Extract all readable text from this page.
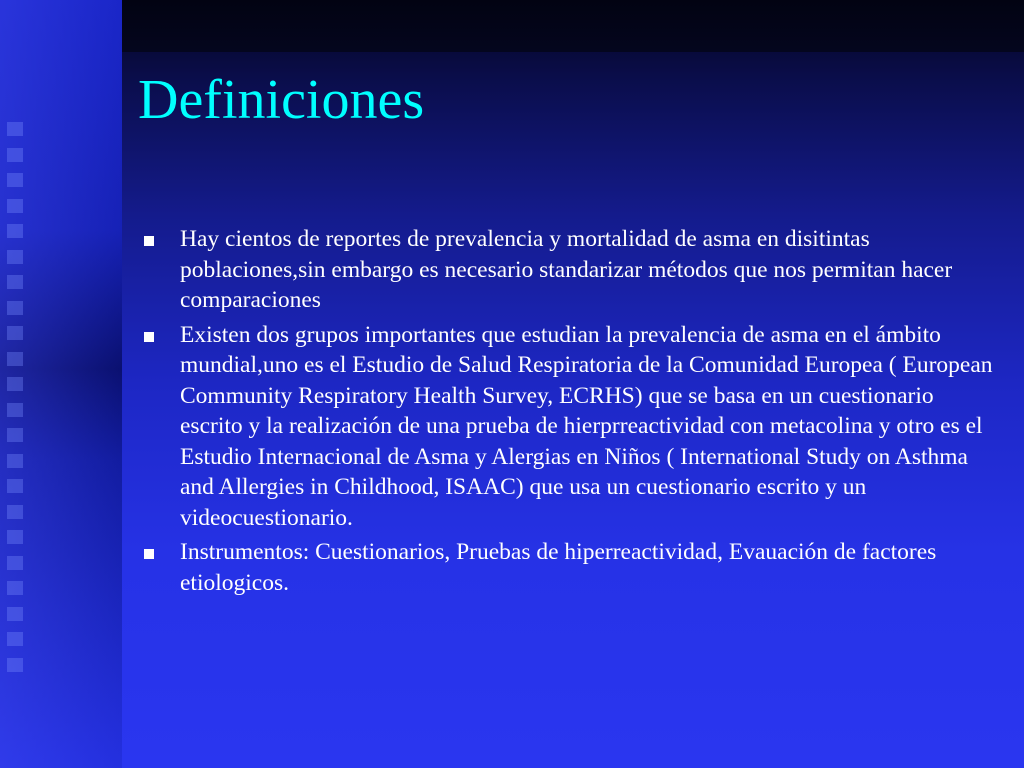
Definiciones
Hay cientos de reportes de prevalencia y mortalidad de asma en disitintas poblaciones,sin embargo es necesario standarizar métodos que nos permitan hacer comparaciones
Existen dos grupos importantes que estudian la prevalencia de asma en el ámbito mundial,uno es el Estudio de Salud Respiratoria de la Comunidad Europea ( European Community Respiratory Health Survey, ECRHS) que se basa en un cuestionario escrito y la realización de una prueba de hierprreactividad con metacolina y otro es el Estudio Internacional de Asma y Alergias en Niños ( International Study on Asthma and Allergies in Childhood, ISAAC) que usa un cuestionario escrito y un videocuestionario.
Instrumentos: Cuestionarios, Pruebas de hiperreactividad, Evauación de factores etiologicos.
